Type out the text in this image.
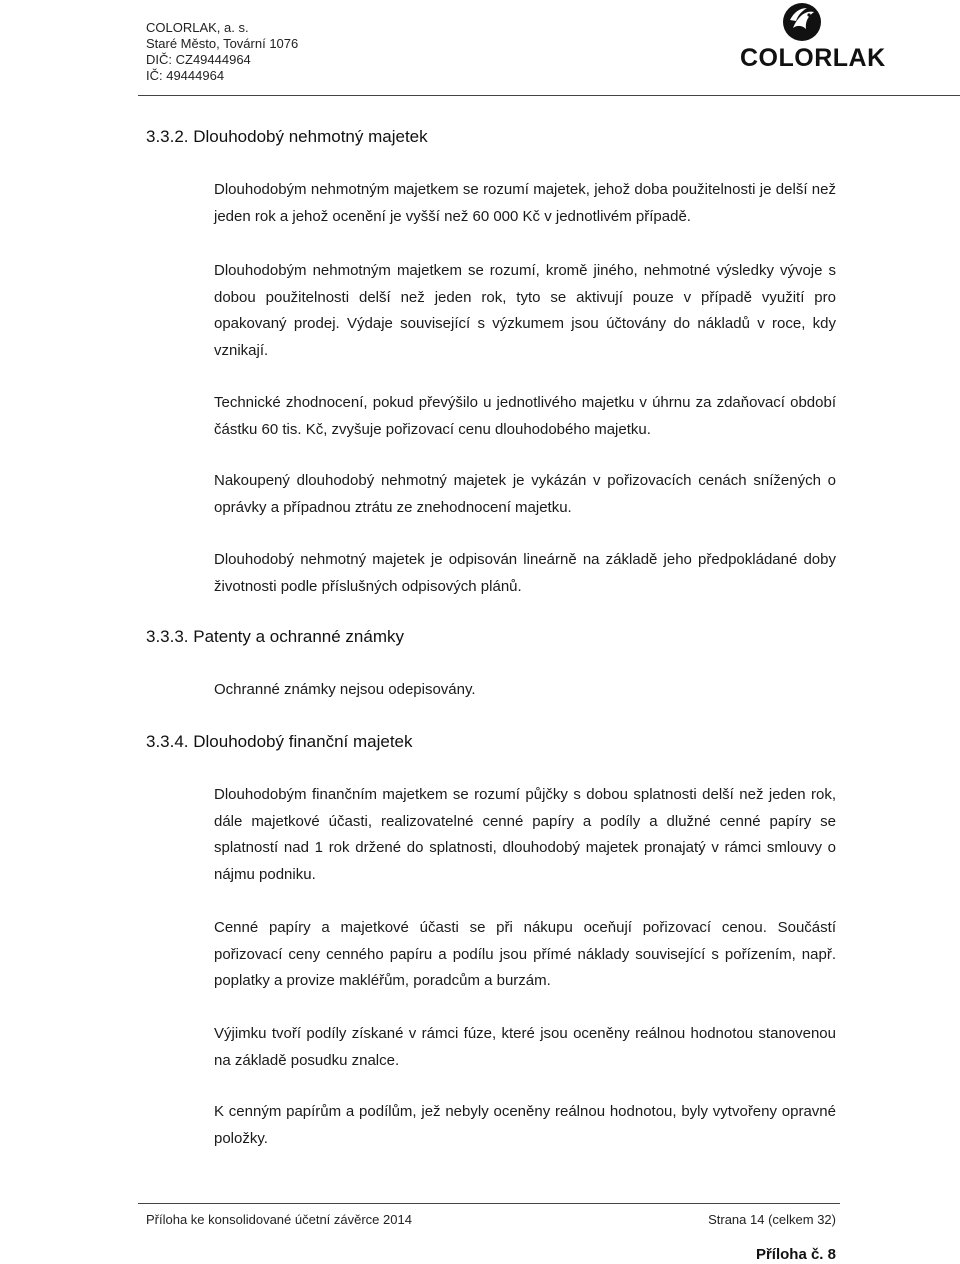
COLORLAK, a. s.
Staré Město, Tovární 1076
DIČ: CZ49444964
IČ: 49444964
COLORLAK
3.3.2. Dlouhodobý nehmotný majetek
Dlouhodobým nehmotným majetkem se rozumí majetek, jehož doba použitelnosti je delší než jeden rok a jehož ocenění je vyšší než 60 000 Kč v jednotlivém případě.
Dlouhodobým nehmotným majetkem se rozumí, kromě jiného, nehmotné výsledky vývoje s dobou použitelnosti delší než jeden rok, tyto se aktivují pouze v případě využití pro opakovaný prodej. Výdaje související s výzkumem jsou účtovány do nákladů v roce, kdy vznikají.
Technické zhodnocení, pokud převýšilo u jednotlivého majetku v úhrnu za zdaňovací období částku 60 tis. Kč, zvyšuje pořizovací cenu dlouhodobého majetku.
Nakoupený dlouhodobý nehmotný majetek je vykázán v pořizovacích cenách snížených o oprávky a případnou ztrátu ze znehodnocení majetku.
Dlouhodobý nehmotný majetek je odpisován lineárně na základě jeho předpokládané doby životnosti podle příslušných odpisových plánů.
3.3.3. Patenty a ochranné známky
Ochranné známky nejsou odepisovány.
3.3.4. Dlouhodobý finanční majetek
Dlouhodobým finančním majetkem se rozumí půjčky s dobou splatnosti delší než jeden rok, dále majetkové účasti, realizovatelné cenné papíry a podíly a dlužné cenné papíry se splatností nad 1 rok držené do splatnosti, dlouhodobý majetek pronajatý v rámci smlouvy o nájmu podniku.
Cenné papíry a majetkové účasti se při nákupu oceňují pořizovací cenou. Součástí pořizovací ceny cenného papíru a podílu jsou přímé náklady související s pořízením, např. poplatky a provize makléřům, poradcům a burzám.
Výjimku tvoří podíly získané v rámci fúze, které jsou oceněny reálnou hodnotou stanovenou na základě posudku znalce.
K cenným papírům a podílům, jež nebyly oceněny reálnou hodnotou, byly vytvořeny opravné položky.
Příloha ke konsolidované účetní závěrce 2014	Strana 14 (celkem 32)
Příloha č. 8
